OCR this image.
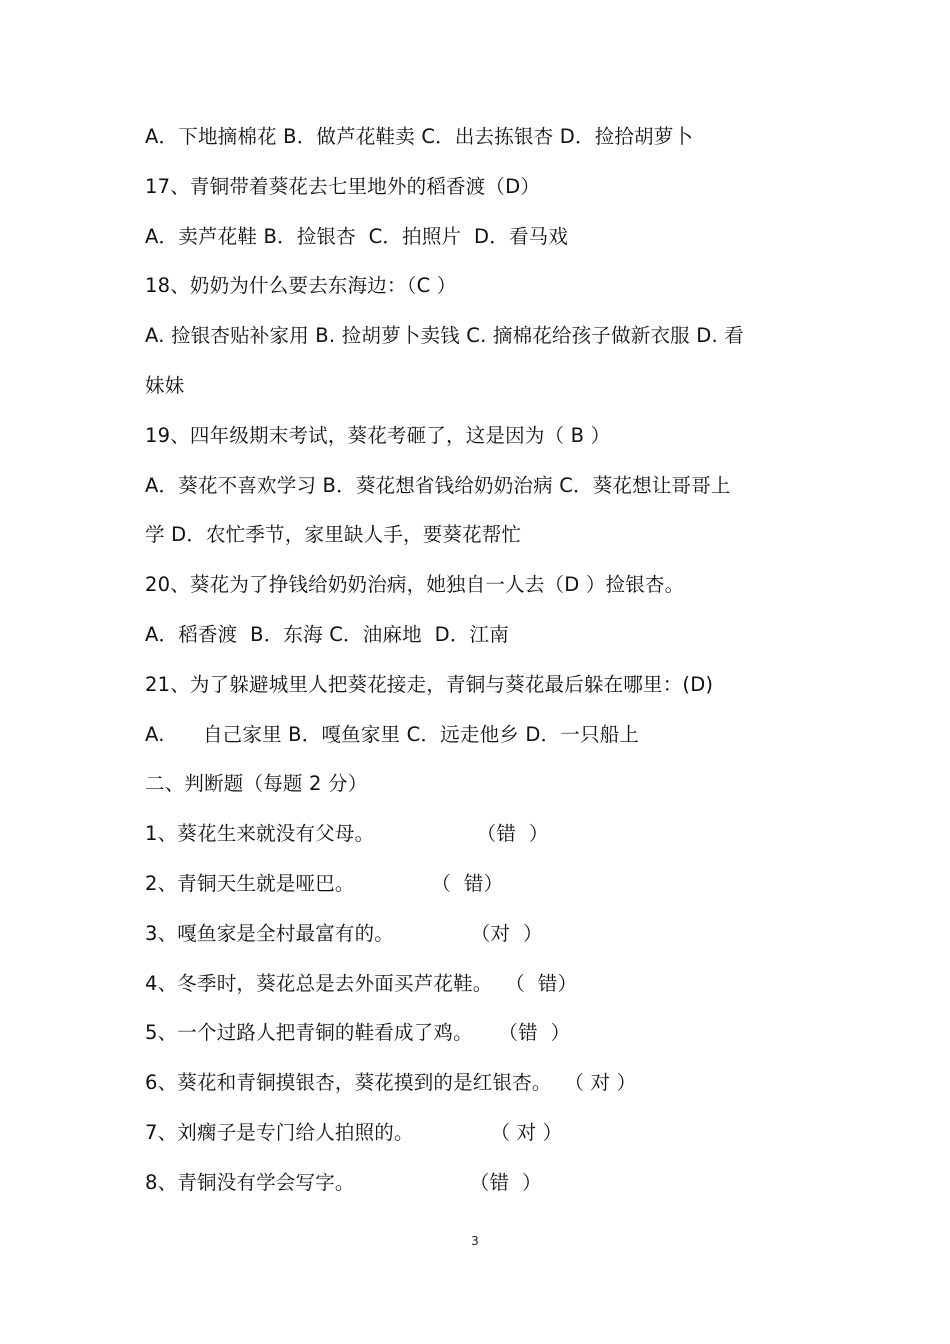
A．下地摘棉花 B．做芦花鞋卖 C．出去拣银杏 D．捡拾胡萝卜
17、青铜带着葵花去七里地外的稻香渡（D）
A．卖芦花鞋 B．捡银杏  C．拍照片  D．看马戏
18、奶奶为什么要去东海边：（C ）
A. 捡银杏贴补家用 B. 捡胡萝卜卖钱 C. 摘棉花给孩子做新衣服 D. 看
妹妹
19、四年级期末考试，葵花考砸了，这是因为（ B ）
A．葵花不喜欢学习 B．葵花想省钱给奶奶治病 C．葵花想让哥哥上
学 D．农忙季节，家里缺人手，要葵花帮忙
20、葵花为了挣钱给奶奶治病，她独自一人去（D ）捡银杏。
A．稻香渡  B．东海 C．油麻地  D．江南
21、为了躲避城里人把葵花接走，青铜与葵花最后躲在哪里：(D)
A.      自己家里 B．嘎鱼家里 C．远走他乡 D．一只船上
二、判断题（每题 2 分）
1、葵花生来就没有父母。                （错  ）
2、青铜天生就是哑巴。            （  错）
3、嘎鱼家是全村最富有的。            （对  ）
4、冬季时，葵花总是去外面买芦花鞋。  （  错）
5、一个过路人把青铜的鞋看成了鸡。    （错  ）
6、葵花和青铜摸银杏，葵花摸到的是红银杏。  （ 对 ）
7、刘瘸子是专门给人拍照的。            （ 对 ）
8、青铜没有学会写字。                  （错  ）
3
